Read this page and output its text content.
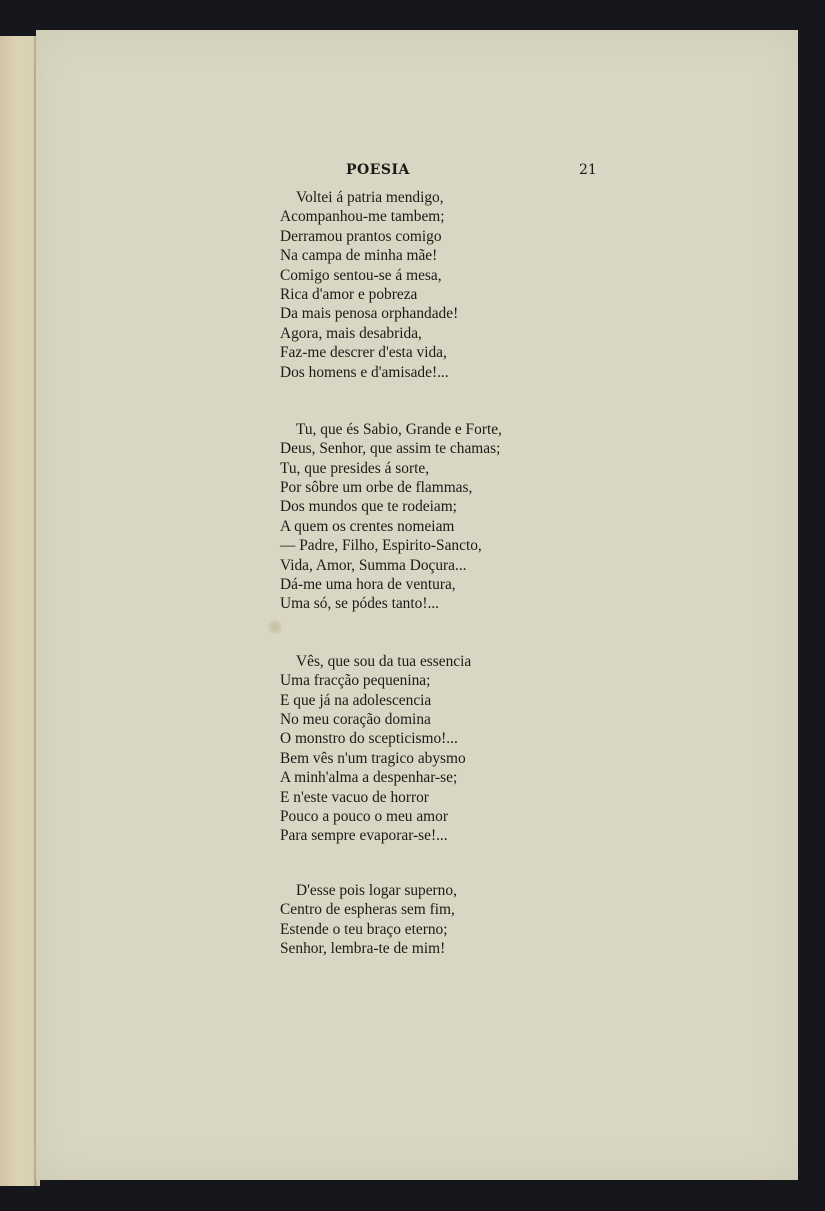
POESIA	21
Voltei á patria mendigo,
Acompanhou-me tambem;
Derramou prantos comigo
Na campa de minha mãe!
Comigo sentou-se á mesa,
Rica d'amor e pobreza
Da mais penosa orphandade!
Agora, mais desabrida,
Faz-me descrer d'esta vida,
Dos homens e d'amisade!...
Tu, que és Sabio, Grande e Forte,
Deus, Senhor, que assim te chamas;
Tu, que presides á sorte,
Por sôbre um orbe de flammas,
Dos mundos que te rodeiam;
A quem os crentes nomeiam
— Padre, Filho, Espirito-Sancto,
Vida, Amor, Summa Doçura...
Dá-me uma hora de ventura,
Uma só, se pódes tanto!...
Vês, que sou da tua essencia
Uma fracção pequenina;
E que já na adolescencia
No meu coração domina
O monstro do scepticismo!...
Bem vês n'um tragico abysmo
A minh'alma a despenhar-se;
E n'este vacuo de horror
Pouco a pouco o meu amor
Para sempre evaporar-se!...
D'esse pois logar superno,
Centro de espheras sem fim,
Estende o teu braço eterno;
Senhor, lembra-te de mim!
